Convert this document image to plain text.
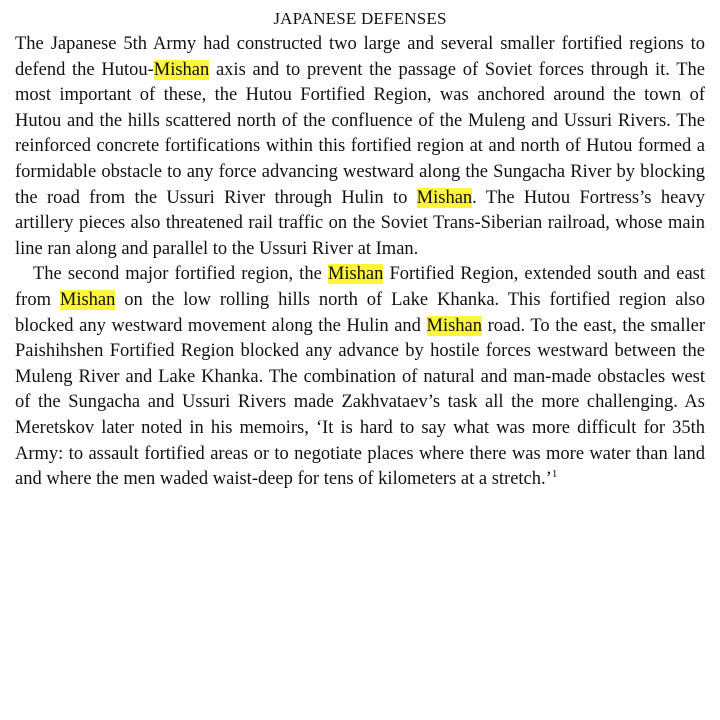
JAPANESE DEFENSES

The Japanese 5th Army had constructed two large and several smaller fortified regions to defend the Hutou-Mishan axis and to prevent the passage of Soviet forces through it. The most important of these, the Hutou Fortified Region, was anchored around the town of Hutou and the hills scattered north of the confluence of the Muleng and Ussuri Rivers. The reinforced concrete fortifications within this fortified region at and north of Hutou formed a formidable obstacle to any force advancing westward along the Sungacha River by blocking the road from the Ussuri River through Hulin to Mishan. The Hutou Fortress’s heavy artillery pieces also threatened rail traffic on the Soviet Trans-Siberian railroad, whose main line ran along and parallel to the Ussuri River at Iman.

The second major fortified region, the Mishan Fortified Region, extended south and east from Mishan on the low rolling hills north of Lake Khanka. This fortified region also blocked any westward movement along the Hulin and Mishan road. To the east, the smaller Paishihshen Fortified Region blocked any advance by hostile forces westward between the Muleng River and Lake Khanka. The combination of natural and man-made obstacles west of the Sungacha and Ussuri Rivers made Zakhvataev’s task all the more challenging. As Meretskov later noted in his memoirs, ‘It is hard to say what was more difficult for 35th Army: to assault fortified areas or to negotiate places where there was more water than land and where the men waded waist-deep for tens of kilometers at a stretch.’$^1$
